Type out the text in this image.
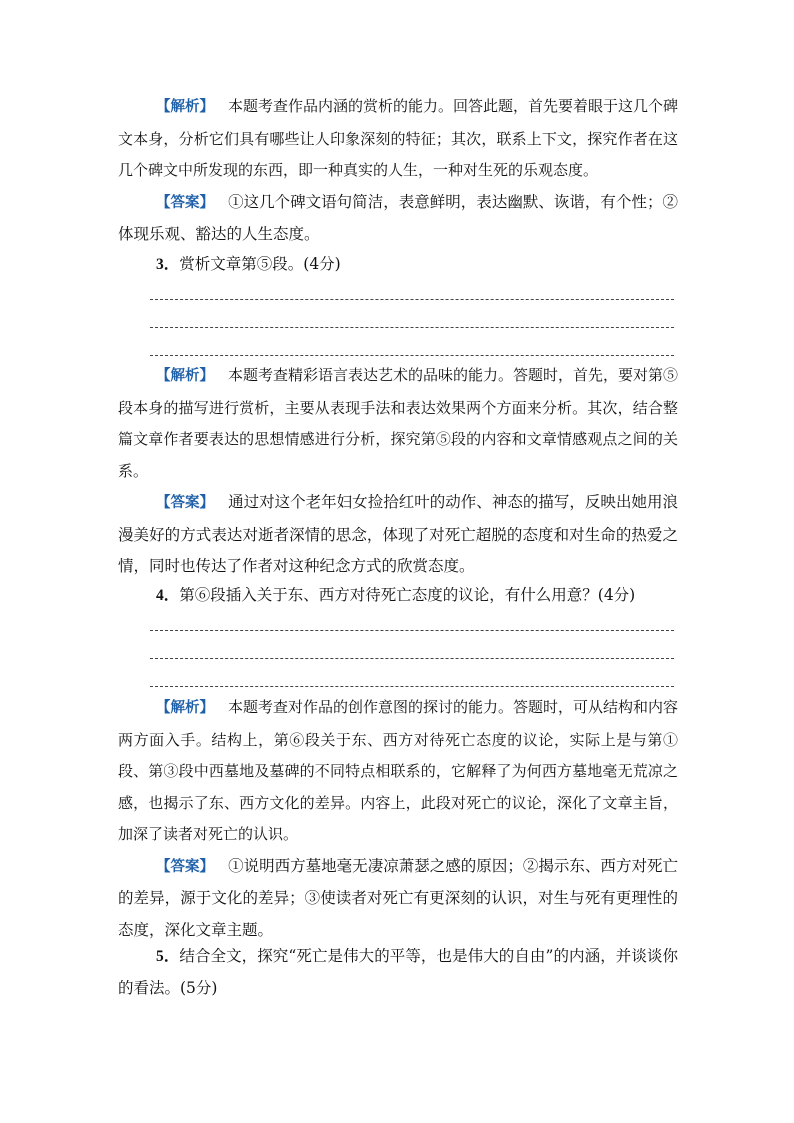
【解析】 本题考查作品内涵的赏析的能力。回答此题，首先要着眼于这几个碑文本身，分析它们具有哪些让人印象深刻的特征；其次，联系上下文，探究作者在这几个碑文中所发现的东西，即一种真实的人生，一种对生死的乐观态度。

【答案】 ①这几个碑文语句简洁，表意鲜明，表达幽默、诙谐，有个性；②体现乐观、豁达的人生态度。

3．赏析文章第⑤段。(4分)

【解析】 本题考查精彩语言表达艺术的品味的能力。答题时，首先，要对第⑤段本身的描写进行赏析，主要从表现手法和表达效果两个方面来分析。其次，结合整篇文章作者要表达的思想情感进行分析，探究第⑤段的内容和文章情感观点之间的关系。

【答案】 通过对这个老年妇女捡拾红叶的动作、神态的描写，反映出她用浪漫美好的方式表达对逝者深情的思念，体现了对死亡超脱的态度和对生命的热爱之情，同时也传达了作者对这种纪念方式的欣赏态度。

4．第⑥段插入关于东、西方对待死亡态度的议论，有什么用意？(4分)

【解析】 本题考查对作品的创作意图的探讨的能力。答题时，可从结构和内容两方面入手。结构上，第⑥段关于东、西方对待死亡态度的议论，实际上是与第①段、第③段中西墓地及墓碑的不同特点相联系的，它解释了为何西方墓地毫无荒凉之感，也揭示了东、西方文化的差异。内容上，此段对死亡的议论，深化了文章主旨，加深了读者对死亡的认识。

【答案】 ①说明西方墓地毫无凄凉萧瑟之感的原因；②揭示东、西方对死亡的差异，源于文化的差异；③使读者对死亡有更深刻的认识，对生与死有更理性的态度，深化文章主题。

5．结合全文，探究“死亡是伟大的平等，也是伟大的自由”的内涵，并谈谈你的看法。(5分)
